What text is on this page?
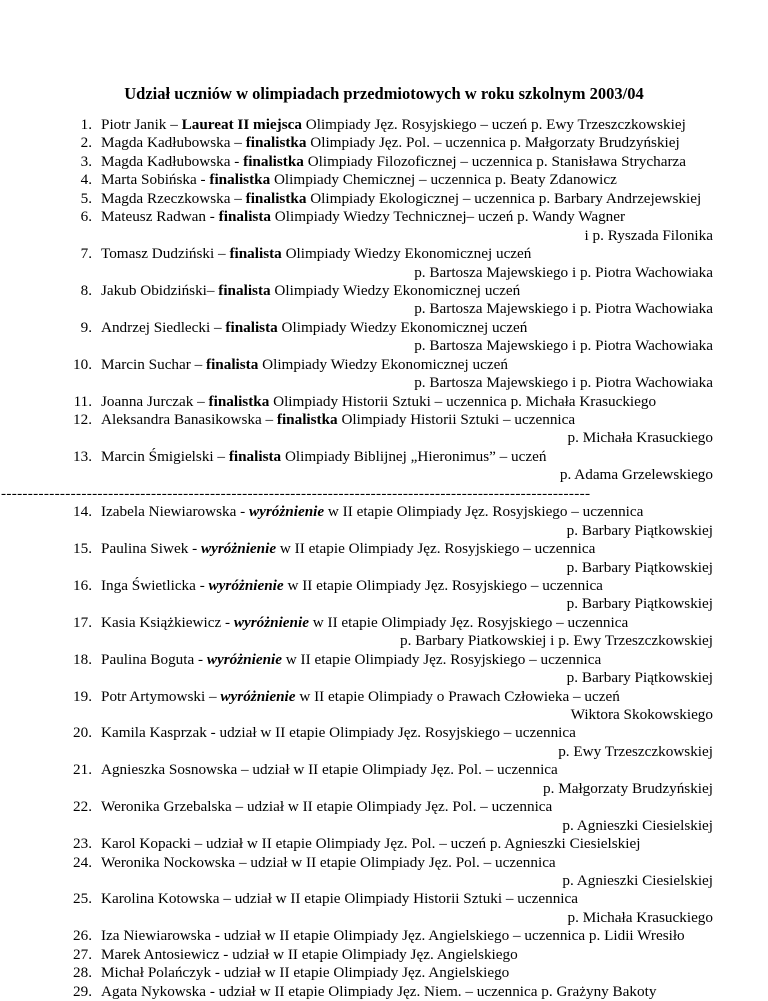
Udział uczniów w olimpiadach przedmiotowych w roku szkolnym 2003/04
1. Piotr Janik – Laureat II miejsca Olimpiady Jęz. Rosyjskiego – uczeń p. Ewy Trzeszczkowskiej
2. Magda Kadłubowska – finalistka Olimpiady Jęz. Pol. – uczennica p. Małgorzaty Brudzyńskiej
3. Magda Kadłubowska - finalistka Olimpiady Filozoficznej – uczennica p. Stanisława Strycharza
4. Marta Sobińska - finalistka Olimpiady Chemicznej – uczennica p. Beaty Zdanowicz
5. Magda Rzeczkowska – finalistka Olimpiady Ekologicznej – uczennica p. Barbary Andrzejewskiej
6. Mateusz Radwan - finalista Olimpiady Wiedzy Technicznej– uczeń p. Wandy Wagner
i p. Ryszada Filonika
7. Tomasz Dudziński – finalista Olimpiady Wiedzy Ekonomicznej uczeń
p. Bartosza Majewskiego i p. Piotra Wachowiaka
8. Jakub Obidziński– finalista Olimpiady Wiedzy Ekonomicznej uczeń
p. Bartosza Majewskiego i p. Piotra Wachowiaka
9. Andrzej Siedlecki – finalista Olimpiady Wiedzy Ekonomicznej uczeń
p. Bartosza Majewskiego i p. Piotra Wachowiaka
10. Marcin Suchar – finalista Olimpiady Wiedzy Ekonomicznej uczeń
p. Bartosza Majewskiego i p. Piotra Wachowiaka
11. Joanna Jurczak – finalistka Olimpiady Historii Sztuki – uczennica p. Michała Krasuckiego
12. Aleksandra Banasikowska – finalistka Olimpiady Historii Sztuki – uczennica
p. Michała Krasuckiego
13. Marcin Śmigielski – finalista Olimpiady Biblijnej „Hieronimus” – uczeń
p. Adama Grzelewskiego
--------------------------------------------------------------------------------------------------------------
14. Izabela Niewiarowska - wyróżnienie w II etapie Olimpiady Jęz. Rosyjskiego – uczennica
p. Barbary Piątkowskiej
15. Paulina Siwek - wyróżnienie w II etapie Olimpiady Jęz. Rosyjskiego – uczennica
p. Barbary Piątkowskiej
16. Inga Świetlicka - wyróżnienie w II etapie Olimpiady Jęz. Rosyjskiego – uczennica
p. Barbary Piątkowskiej
17. Kasia Książkiewicz - wyróżnienie w II etapie Olimpiady Jęz. Rosyjskiego – uczennica
p. Barbary Piatkowskiej i p. Ewy Trzeszczkowskiej
18. Paulina Boguta - wyróżnienie w II etapie Olimpiady Jęz. Rosyjskiego – uczennica
p. Barbary Piątkowskiej
19. Potr Artymowski – wyróżnienie w II etapie Olimpiady o Prawach Człowieka – uczeń
Wiktora Skokowskiego
20. Kamila Kasprzak - udział w II etapie Olimpiady Jęz. Rosyjskiego – uczennica
p. Ewy Trzeszczkowskiej
21. Agnieszka Sosnowska – udział w II etapie Olimpiady Jęz. Pol. – uczennica
p. Małgorzaty Brudzyńskiej
22. Weronika Grzebalska – udział w II etapie Olimpiady Jęz. Pol. – uczennica
p. Agnieszki Ciesielskiej
23. Karol Kopacki – udział w II etapie Olimpiady Jęz. Pol. – uczeń p. Agnieszki Ciesielskiej
24. Weronika Nockowska – udział w II etapie Olimpiady Jęz. Pol. – uczennica
p. Agnieszki Ciesielskiej
25. Karolina Kotowska – udział w II etapie Olimpiady Historii Sztuki – uczennica
p. Michała Krasuckiego
26. Iza Niewiarowska - udział w II etapie Olimpiady Jęz. Angielskiego – uczennica p. Lidii Wresiło
27. Marek Antosiewicz - udział w II etapie Olimpiady Jęz. Angielskiego
28. Michał Polańczyk - udział w II etapie Olimpiady Jęz. Angielskiego
29. Agata Nykowska - udział w II etapie Olimpiady Jęz. Niem. – uczennica p. Grażyny Bakoty
